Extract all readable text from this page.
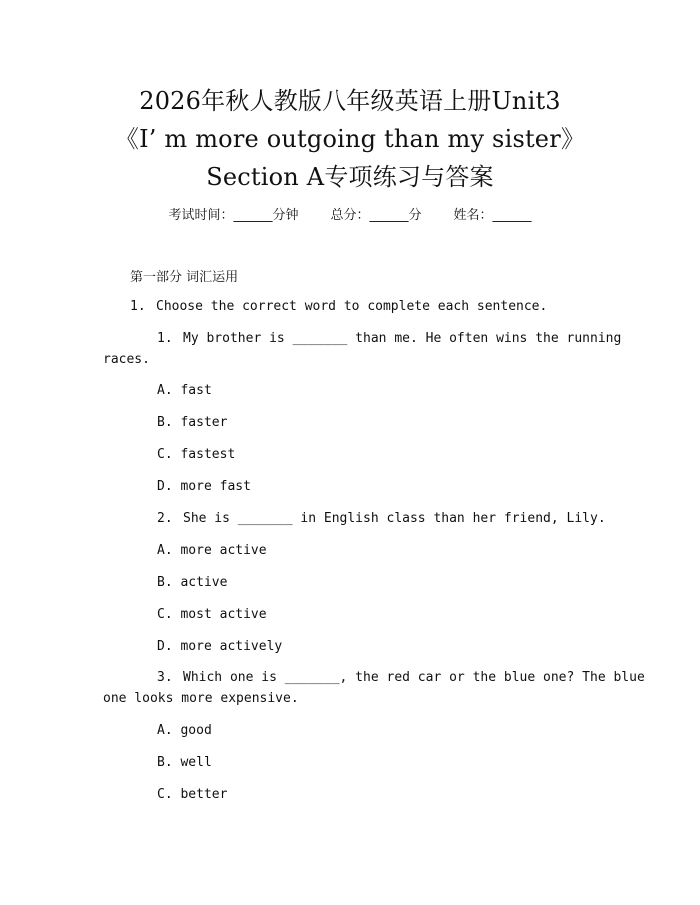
2026年秋人教版八年级英语上册Unit3
《I’ m more outgoing than my sister》
Section A专项练习与答案
考试时间：______分钟 总分：______分 姓名：______
第一部分 词汇运用
1. Choose the correct word to complete each sentence.
1. My brother is _______ than me. He often wins the running
races.
A. fast
B. faster
C. fastest
D. more fast
2. She is _______ in English class than her friend, Lily.
A. more active
B. active
C. most active
D. more actively
3. Which one is _______, the red car or the blue one? The blue
one looks more expensive.
A. good
B. well
C. better
